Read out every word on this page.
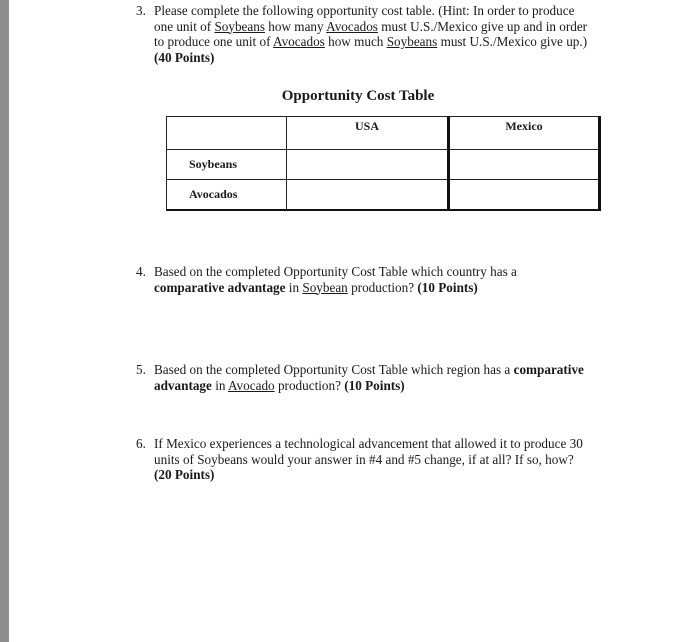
3. Please complete the following opportunity cost table. (Hint: In order to produce
one unit of Soybeans how many Avocados must U.S./Mexico give up and in order
to produce one unit of Avocados how much Soybeans must U.S./Mexico give up.)
(40 Points)
Opportunity Cost Table
	USA	Mexico
Soybeans		
Avocados		
4. Based on the completed Opportunity Cost Table which country has a
comparative advantage in Soybean production? (10 Points)
5. Based on the completed Opportunity Cost Table which region has a comparative
advantage in Avocado production? (10 Points)
6. If Mexico experiences a technological advancement that allowed it to produce 30
units of Soybeans would your answer in #4 and #5 change, if at all? If so, how?
(20 Points)
